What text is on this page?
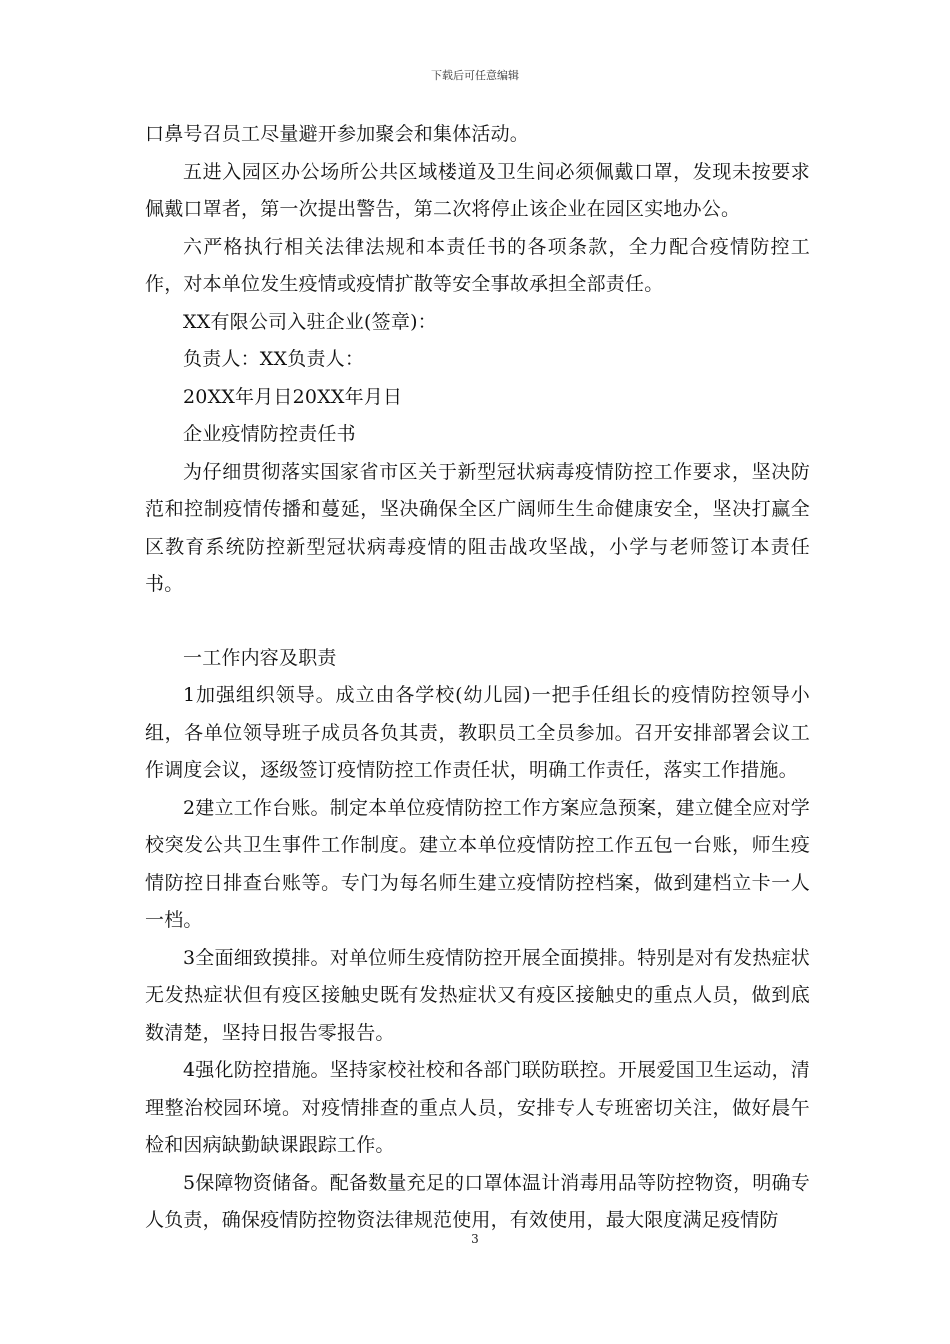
下载后可任意编辑

口鼻号召员工尽量避开参加聚会和集体活动。

五进入园区办公场所公共区域楼道及卫生间必须佩戴口罩，发现未按要求佩戴口罩者，第一次提出警告，第二次将停止该企业在园区实地办公。

六严格执行相关法律法规和本责任书的各项条款，全力配合疫情防控工作，对本单位发生疫情或疫情扩散等安全事故承担全部责任。

XX有限公司入驻企业(签章)：

负责人：XX负责人：

20XX年月日20XX年月日

企业疫情防控责任书

为仔细贯彻落实国家省市区关于新型冠状病毒疫情防控工作要求，坚决防范和控制疫情传播和蔓延，坚决确保全区广阔师生生命健康安全，坚决打赢全区教育系统防控新型冠状病毒疫情的阻击战攻坚战，小学与老师签订本责任书。

一工作内容及职责

1加强组织领导。成立由各学校(幼儿园)一把手任组长的疫情防控领导小组，各单位领导班子成员各负其责，教职员工全员参加。召开安排部署会议工作调度会议，逐级签订疫情防控工作责任状，明确工作责任，落实工作措施。

2建立工作台账。制定本单位疫情防控工作方案应急预案，建立健全应对学校突发公共卫生事件工作制度。建立本单位疫情防控工作五包一台账，师生疫情防控日排查台账等。专门为每名师生建立疫情防控档案，做到建档立卡一人一档。

3全面细致摸排。对单位师生疫情防控开展全面摸排。特别是对有发热症状无发热症状但有疫区接触史既有发热症状又有疫区接触史的重点人员，做到底数清楚，坚持日报告零报告。

4强化防控措施。坚持家校社校和各部门联防联控。开展爱国卫生运动，清理整治校园环境。对疫情排查的重点人员，安排专人专班密切关注，做好晨午检和因病缺勤缺课跟踪工作。

5保障物资储备。配备数量充足的口罩体温计消毒用品等防控物资，明确专人负责，确保疫情防控物资法律规范使用，有效使用，最大限度满足疫情防

3
